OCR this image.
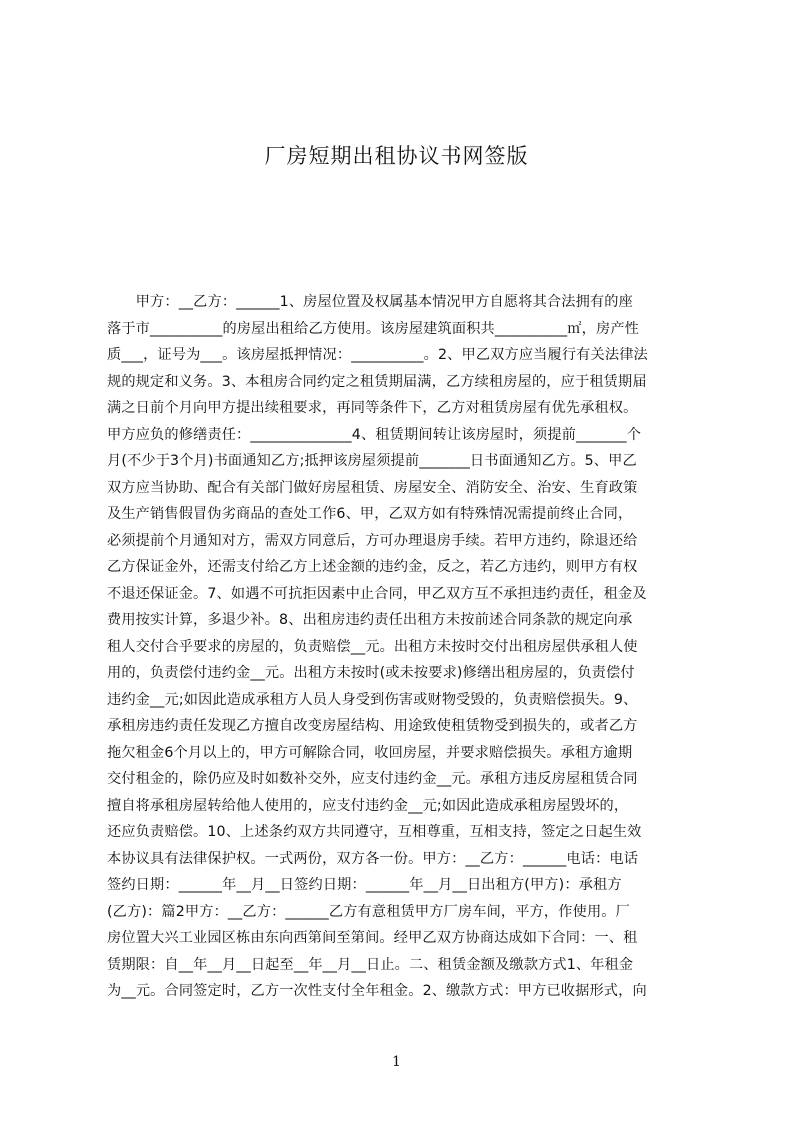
厂房短期出租协议书网签版
　　甲方：__乙方：______1、房屋位置及权属基本情况甲方自愿将其合法拥有的座
落于市__________的房屋出租给乙方使用。该房屋建筑面积共__________㎡，房产性
质___，证号为___。该房屋抵押情况：__________。2、甲乙双方应当履行有关法律法
规的规定和义务。3、本租房合同约定之租赁期届满，乙方续租房屋的，应于租赁期届
满之日前个月向甲方提出续租要求，再同等条件下，乙方对租赁房屋有优先承租权。
甲方应负的修缮责任：______________4、租赁期间转让该房屋时，须提前_______个
月(不少于3个月)书面通知乙方;抵押该房屋须提前_______日书面通知乙方。5、甲乙
双方应当协助、配合有关部门做好房屋租赁、房屋安全、消防安全、治安、生育政策
及生产销售假冒伪劣商品的查处工作6、甲，乙双方如有特殊情况需提前终止合同，
必须提前个月通知对方，需双方同意后，方可办理退房手续。若甲方违约，除退还给
乙方保证金外，还需支付给乙方上述金额的违约金，反之，若乙方违约，则甲方有权
不退还保证金。7、如遇不可抗拒因素中止合同，甲乙双方互不承担违约责任，租金及
费用按实计算，多退少补。8、出租房违约责任出租方未按前述合同条款的规定向承
租人交付合乎要求的房屋的，负责赔偿__元。出租方未按时交付出租房屋供承租人使
用的，负责偿付违约金__元。出租方未按时(或未按要求)修缮出租房屋的，负责偿付
违约金__元;如因此造成承租方人员人身受到伤害或财物受毁的，负责赔偿损失。9、
承租房违约责任发现乙方擅自改变房屋结构、用途致使租赁物受到损失的，或者乙方
拖欠租金6个月以上的，甲方可解除合同，收回房屋，并要求赔偿损失。承租方逾期
交付租金的，除仍应及时如数补交外，应支付违约金__元。承租方违反房屋租赁合同
擅自将承租房屋转给他人使用的，应支付违约金__元;如因此造成承租房屋毁坏的，
还应负责赔偿。10、上述条约双方共同遵守，互相尊重，互相支持，签定之日起生效
本协议具有法律保护权。一式两份，双方各一份。甲方：__乙方：______电话：电话
签约日期：______年__月__日签约日期：______年__月__日出租方(甲方)：承租方
(乙方)：篇2甲方：__乙方：______乙方有意租赁甲方厂房车间，平方，作使用。厂
房位置大兴工业园区栋由东向西第间至第间。经甲乙双方协商达成如下合同：一、租
赁期限：自__年__月__日起至__年__月__日止。二、租赁金额及缴款方式1、年租金
为__元。合同签定时，乙方一次性支付全年租金。2、缴款方式：甲方已收据形式，向
1
